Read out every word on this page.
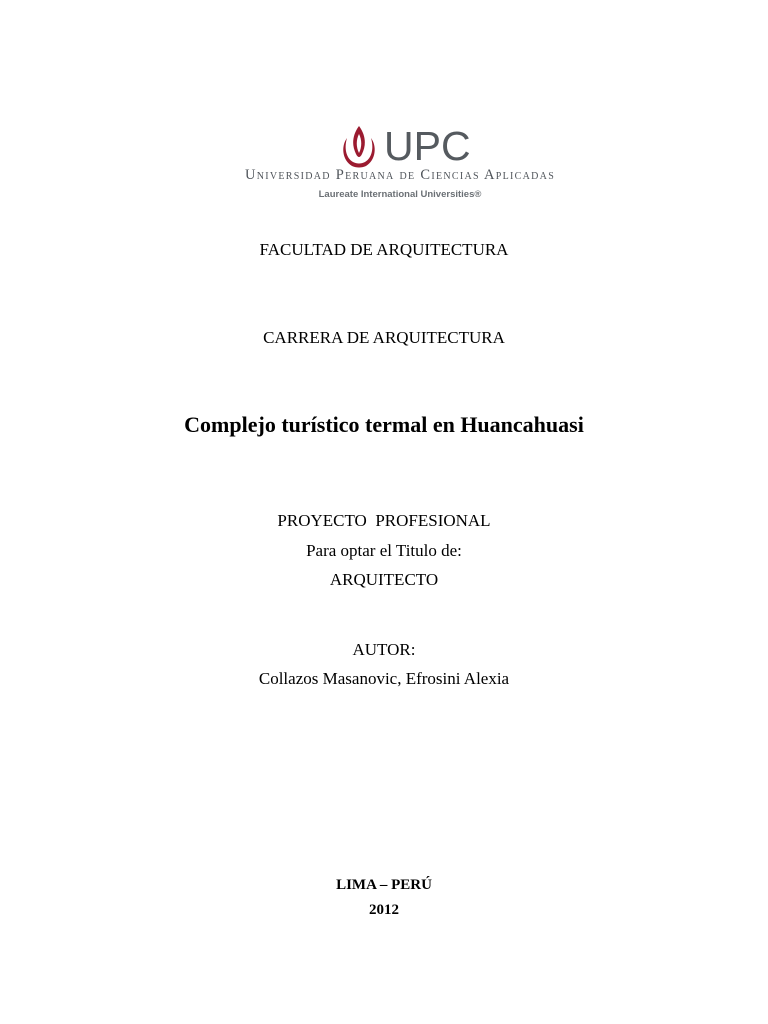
UPC
Universidad Peruana de Ciencias Aplicadas
Laureate International Universities®
FACULTAD DE ARQUITECTURA
CARRERA DE ARQUITECTURA
Complejo turístico termal en Huancahuasi
PROYECTO  PROFESIONAL
Para optar el Titulo de:
ARQUITECTO
AUTOR:
Collazos Masanovic, Efrosini Alexia
LIMA – PERÚ
2012
